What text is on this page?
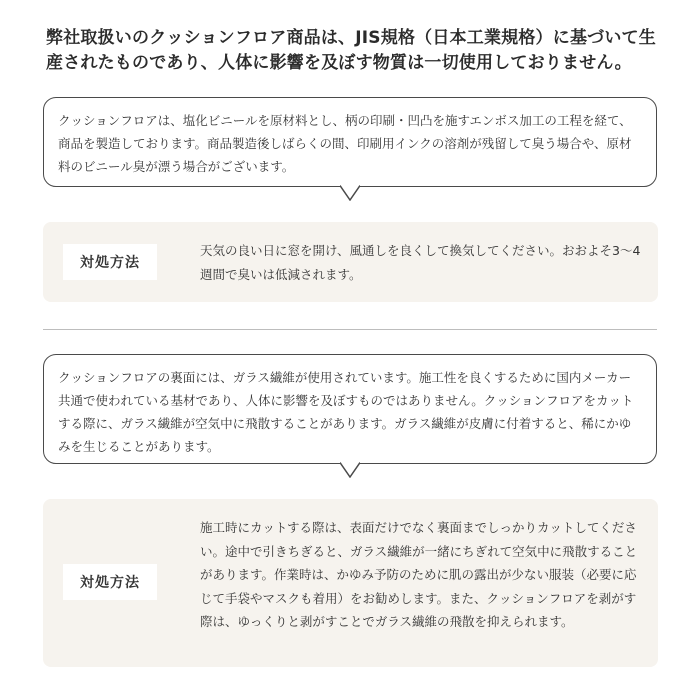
弊社取扱いのクッションフロア商品は、JIS規格（日本工業規格）に基づいて生産されたものであり、人体に影響を及ぼす物質は一切使用しておりません。
クッションフロアは、塩化ビニールを原材料とし、柄の印刷・凹凸を施すエンボス加工の工程を経て、商品を製造しております。商品製造後しばらくの間、印刷用インクの溶剤が残留して臭う場合や、原材料のビニール臭が漂う場合がございます。
対処方法
天気の良い日に窓を開け、風通しを良くして換気してください。おおよそ3〜4週間で臭いは低減されます。
クッションフロアの裏面には、ガラス繊維が使用されています。施工性を良くするために国内メーカー共通で使われている基材であり、人体に影響を及ぼすものではありません。クッションフロアをカットする際に、ガラス繊維が空気中に飛散することがあります。ガラス繊維が皮膚に付着すると、稀にかゆみを生じることがあります。
対処方法
施工時にカットする際は、表面だけでなく裏面までしっかりカットしてください。途中で引きちぎると、ガラス繊維が一緒にちぎれて空気中に飛散することがあります。作業時は、かゆみ予防のために肌の露出が少ない服装（必要に応じて手袋やマスクも着用）をお勧めします。また、クッションフロアを剥がす際は、ゆっくりと剥がすことでガラス繊維の飛散を抑えられます。
